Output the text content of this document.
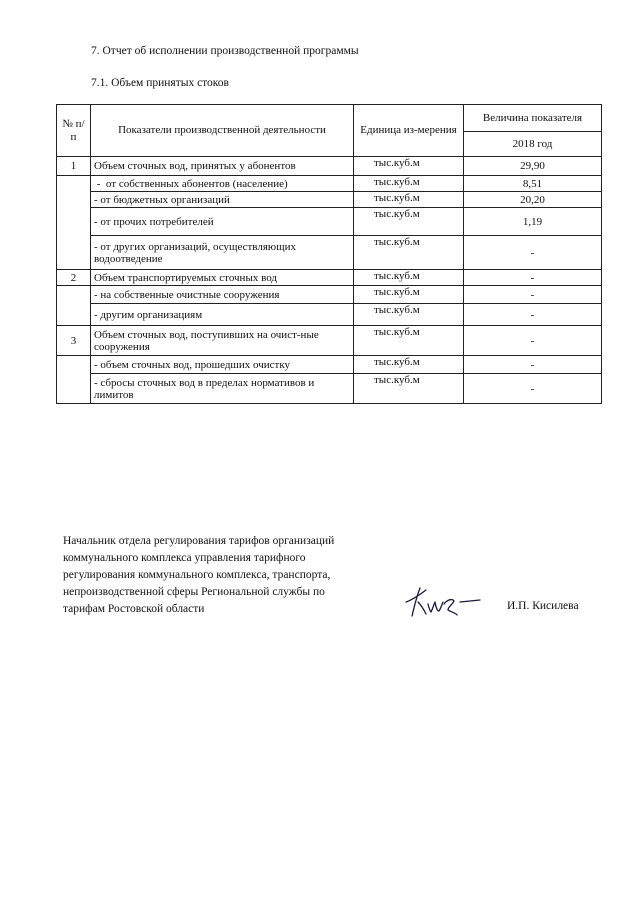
7. Отчет об исполнении производственной программы
7.1. Объем принятых стоков
№ п/п	Показатели производственной деятельности	Единица из-мерения	Величина показателя
			2018 год
1	Объем сточных вод, принятых у абонентов	тыс.куб.м	29,90
	-  от собственных абонентов (население)	тыс.куб.м	8,51
	- от бюджетных организаций	тыс.куб.м	20,20
	- от прочих потребителей	тыс.куб.м	1,19
	- от других организаций, осуществляющих водоотведение	тыс.куб.м	-
2	Объем транспортируемых сточных вод	тыс.куб.м	-
	- на собственные очистные сооружения	тыс.куб.м	-
	- другим организациям	тыс.куб.м	-
3	Объем сточных вод, поступивших на очист-ные сооружения	тыс.куб.м	-
	- объем сточных вод, прошедших очистку	тыс.куб.м	-
	- сбросы сточных вод в пределах нормативов и лимитов	тыс.куб.м	-
Начальник отдела регулирования тарифов организаций
коммунального комплекса управления тарифного
регулирования коммунального комплекса, транспорта,
непроизводственной сферы Региональной службы по
тарифам Ростовской области	И.П. Кисилева
